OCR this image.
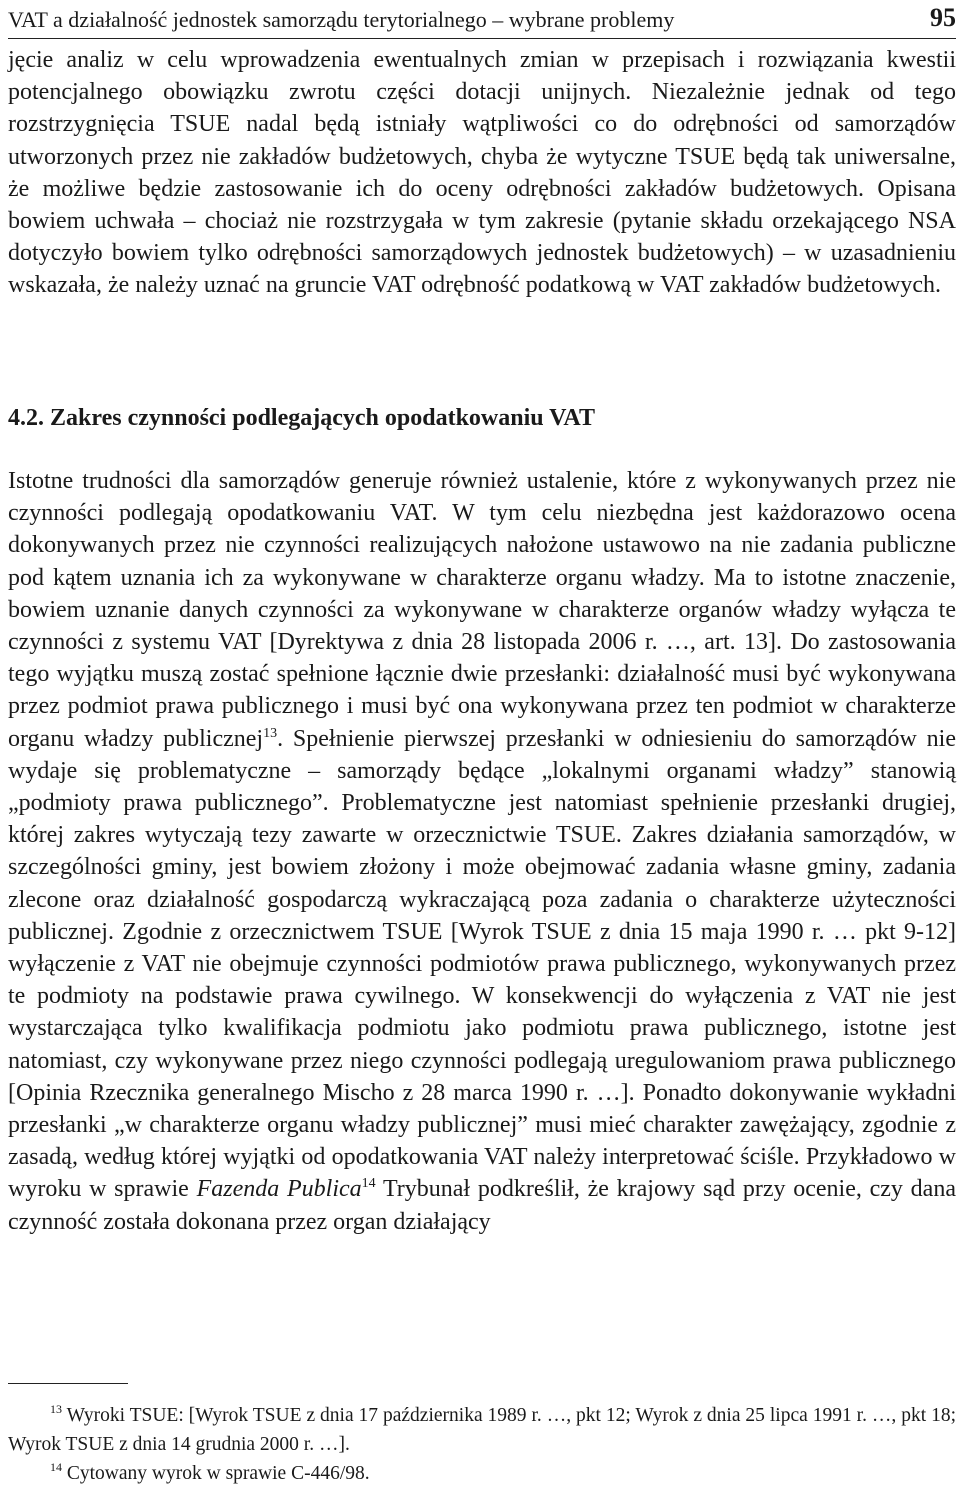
VAT a działalność jednostek samorządu terytorialnego – wybrane problemy	95

jęcie analiz w celu wprowadzenia ewentualnych zmian w przepisach i rozwiązania kwestii potencjalnego obowiązku zwrotu części dotacji unijnych. Niezależnie jednak od tego rozstrzygnięcia TSUE nadal będą istniały wątpliwości co do odrębności od samorządów utworzonych przez nie zakładów budżetowych, chyba że wytyczne TSUE będą tak uniwersalne, że możliwe będzie zastosowanie ich do oceny odrębności zakładów budżetowych. Opisana bowiem uchwała – chociaż nie rozstrzygała w tym zakresie (pytanie składu orzekającego NSA dotyczyło bowiem tylko odrębności samorządowych jednostek budżetowych) – w uzasadnieniu wskazała, że należy uznać na gruncie VAT odrębność podatkową w VAT zakładów budżetowych.

4.2. Zakres czynności podlegających opodatkowaniu VAT

Istotne trudności dla samorządów generuje również ustalenie, które z wykonywanych przez nie czynności podlegają opodatkowaniu VAT. W tym celu niezbędna jest każdorazowo ocena dokonywanych przez nie czynności realizujących nałożone ustawowo na nie zadania publiczne pod kątem uznania ich za wykonywane w charakterze organu władzy. Ma to istotne znaczenie, bowiem uznanie danych czynności za wykonywane w charakterze organów władzy wyłącza te czynności z systemu VAT [Dyrektywa z dnia 28 listopada 2006 r. …, art. 13]. Do zastosowania tego wyjątku muszą zostać spełnione łącznie dwie przesłanki: działalność musi być wykonywana przez podmiot prawa publicznego i musi być ona wykonywana przez ten podmiot w charakterze organu władzy publicznej$^{13}$. Spełnienie pierwszej przesłanki w odniesieniu do samorządów nie wydaje się problematyczne – samorządy będące „lokalnymi organami władzy” stanowią „podmioty prawa publicznego”. Problematyczne jest natomiast spełnienie przesłanki drugiej, której zakres wytyczają tezy zawarte w orzecznictwie TSUE. Zakres działania samorządów, w szczególności gminy, jest bowiem złożony i może obejmować zadania własne gminy, zadania zlecone oraz działalność gospodarczą wykraczającą poza zadania o charakterze użyteczności publicznej. Zgodnie z orzecznictwem TSUE [Wyrok TSUE z dnia 15 maja 1990 r. … pkt 9-12] wyłączenie z VAT nie obejmuje czynności podmiotów prawa publicznego, wykonywanych przez te podmioty na podstawie prawa cywilnego. W konsekwencji do wyłączenia z VAT nie jest wystarczająca tylko kwalifikacja podmiotu jako podmiotu prawa publicznego, istotne jest natomiast, czy wykonywane przez niego czynności podlegają uregulowaniom prawa publicznego [Opinia Rzecznika generalnego Mischo z 28 marca 1990 r. …]. Ponadto dokonywanie wykładni przesłanki „w charakterze organu władzy publicznej” musi mieć charakter zawężający, zgodnie z zasadą, według której wyjątki od opodatkowania VAT należy interpretować ściśle. Przykładowo w wyroku w sprawie Fazenda Publica$^{14}$ Trybunał podkreślił, że krajowy sąd przy ocenie, czy dana czynność została dokonana przez organ działający

$^{13}$ Wyroki TSUE: [Wyrok TSUE z dnia 17 października 1989 r. …, pkt 12; Wyrok z dnia 25 lipca 1991 r. …, pkt 18; Wyrok TSUE z dnia 14 grudnia 2000 r. …].

$^{14}$ Cytowany wyrok w sprawie C-446/98.
